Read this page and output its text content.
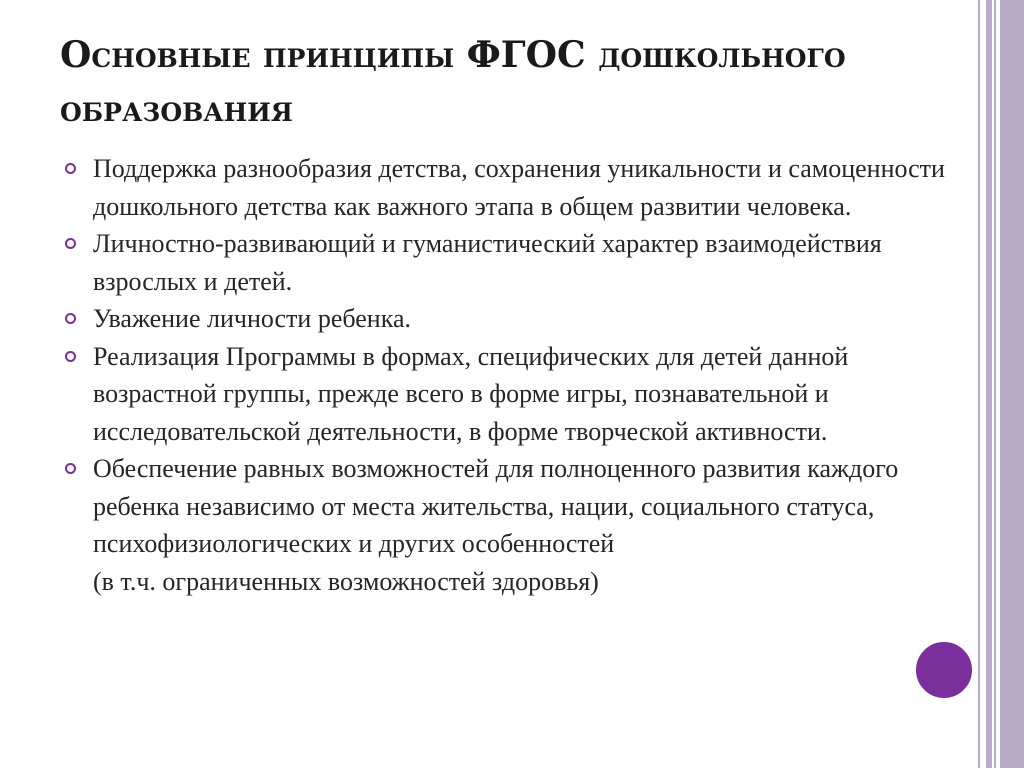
Основные принципы ФГОС дошкольного образования
Поддержка разнообразия детства, сохранения уникальности и самоценности дошкольного детства как важного этапа в общем развитии человека.
Личностно-развивающий и гуманистический характер взаимодействия взрослых и детей.
Уважение личности ребенка.
Реализация Программы в формах, специфических для детей данной возрастной группы, прежде всего в форме игры, познавательной и исследовательской деятельности, в форме творческой активности.
Обеспечение равных возможностей для полноценного развития каждого ребенка независимо от места жительства, нации, социального статуса, психофизиологических и других особенностей
(в т.ч. ограниченных возможностей здоровья)
